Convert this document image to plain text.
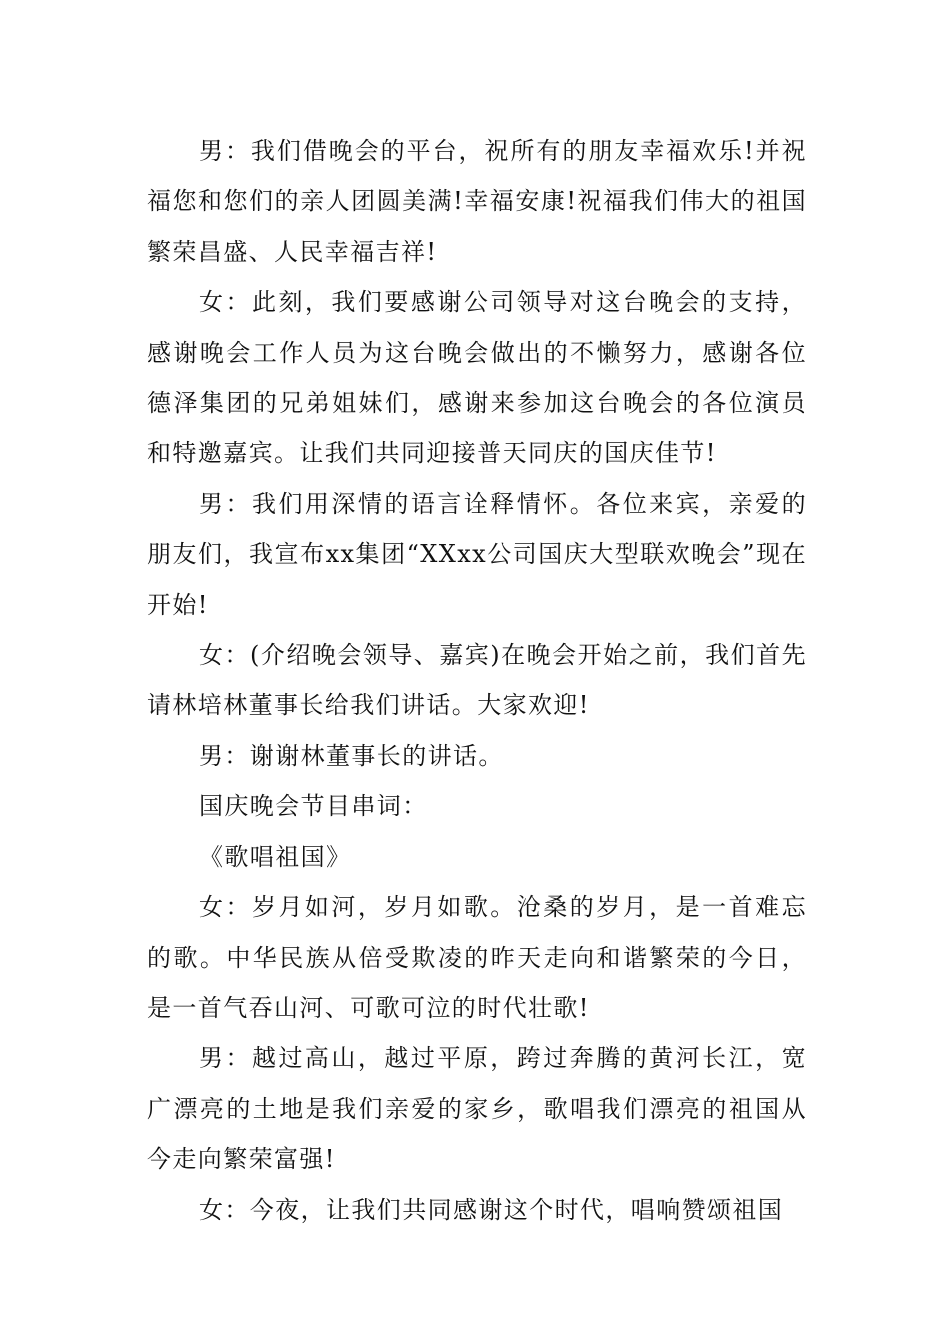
男：我们借晚会的平台，祝所有的朋友幸福欢乐!并祝福您和您们的亲人团圆美满!幸福安康!祝福我们伟大的祖国繁荣昌盛、人民幸福吉祥!

女：此刻，我们要感谢公司领导对这台晚会的支持，感谢晚会工作人员为这台晚会做出的不懒努力，感谢各位德泽集团的兄弟姐妹们，感谢来参加这台晚会的各位演员和特邀嘉宾。让我们共同迎接普天同庆的国庆佳节!

男：我们用深情的语言诠释情怀。各位来宾，亲爱的朋友们，我宣布xx集团“XXxx公司国庆大型联欢晚会”现在开始!

女：(介绍晚会领导、嘉宾)在晚会开始之前，我们首先请林培林董事长给我们讲话。大家欢迎!

男：谢谢林董事长的讲话。

国庆晚会节目串词：

《歌唱祖国》

女：岁月如河，岁月如歌。沧桑的岁月，是一首难忘的歌。中华民族从倍受欺凌的昨天走向和谐繁荣的今日，是一首气吞山河、可歌可泣的时代壮歌!

男：越过高山，越过平原，跨过奔腾的黄河长江，宽广漂亮的土地是我们亲爱的家乡，歌唱我们漂亮的祖国从今走向繁荣富强!

女：今夜，让我们共同感谢这个时代，唱响赞颂祖国
